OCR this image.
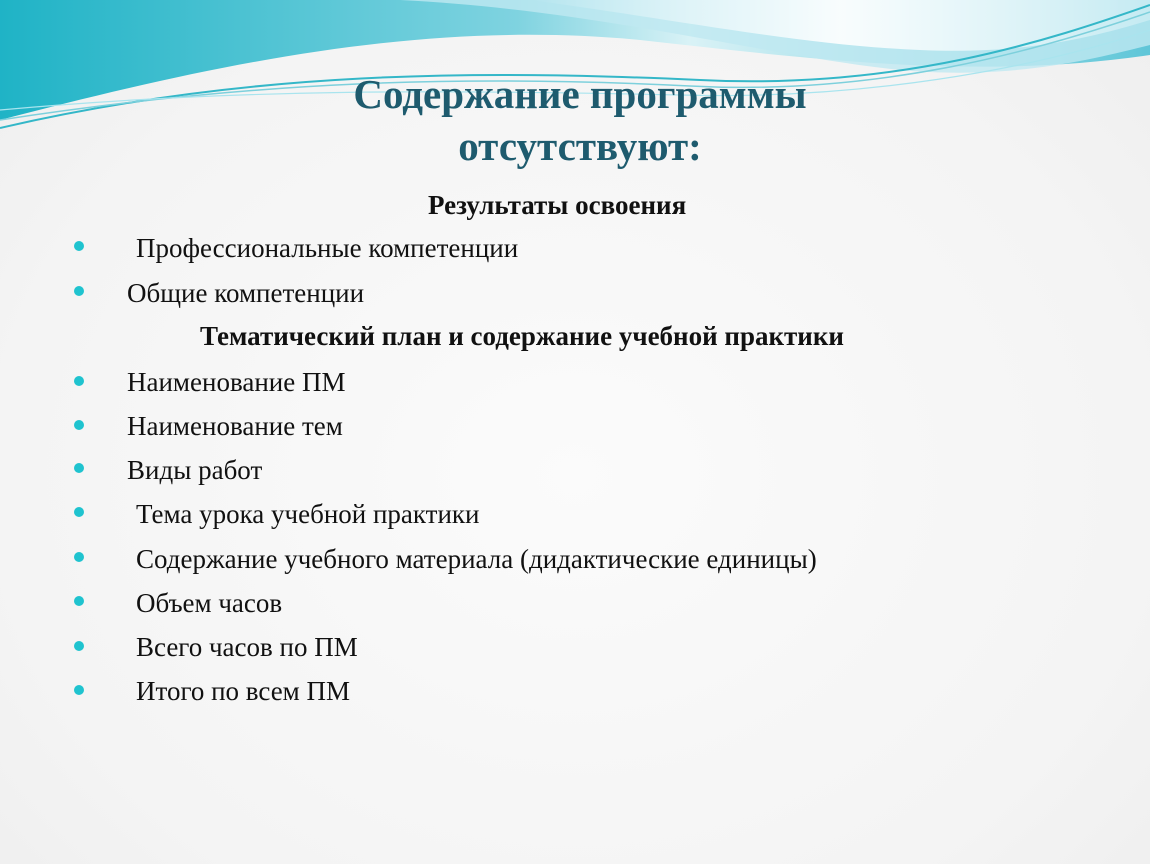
Содержание программы
отсутствуют:
Результаты освоения
Профессиональные компетенции
Общие компетенции
Тематический план и содержание учебной практики
Наименование ПМ
Наименование тем
Виды работ
Тема урока учебной практики
Содержание учебного материала (дидактические единицы)
Объем часов
Всего часов по ПМ
Итого по всем ПМ
